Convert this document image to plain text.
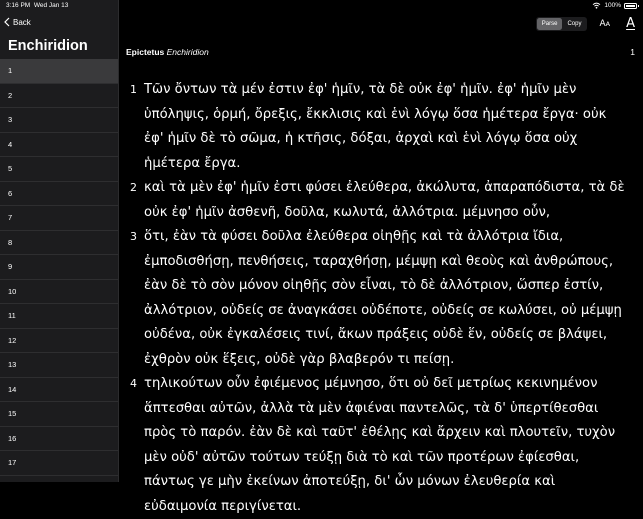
Back
Enchiridion
1
2
3
4
5
6
7
8
9
10
11
12
13
14
15
16
17
3:16 PM Wed Jan 13	100%
Parse	Copy	AA A
Epictetus Enchiridion	1
1 Τῶν ὄντων τὰ μέν ἐστιν ἐφ' ἡμῖν, τὰ δὲ οὐκ ἐφ' ἡμῖν. ἐφ' ἡμῖν μὲν ὑπόληψις, ὁρμή, ὄρεξις, ἔκκλισις καὶ ἑνὶ λόγῳ ὅσα ἡμέτερα ἔργα· οὐκ ἐφ' ἡμῖν δὲ τὸ σῶμα, ἡ κτῆσις, δόξαι, ἀρχαὶ καὶ ἑνὶ λόγῳ ὅσα οὐχ ἡμέτερα ἔργα.
2 καὶ τὰ μὲν ἐφ' ἡμῖν ἐστι φύσει ἐλεύθερα, ἀκώλυτα, ἀπαραπόδιστα, τὰ δὲ οὐκ ἐφ' ἡμῖν ἀσθενῆ, δοῦλα, κωλυτά, ἀλλότρια. μέμνησο οὖν,
3 ὅτι, ἐὰν τὰ φύσει δοῦλα ἐλεύθερα οἰηθῇς καὶ τὰ ἀλλότρια ἴδια, ἐμποδισθήσῃ, πενθήσεις, ταραχθήσῃ, μέμψῃ καὶ θεοὺς καὶ ἀνθρώπους, ἐὰν δὲ τὸ σὸν μόνον οἰηθῇς σὸν εἶναι, τὸ δὲ ἀλλότριον, ὥσπερ ἐστίν, ἀλλότριον, οὐδείς σε ἀναγκάσει οὐδέποτε, οὐδείς σε κωλύσει, οὐ μέμψῃ οὐδένα, οὐκ ἐγκαλέσεις τινί, ἄκων πράξεις οὐδὲ ἕν, οὐδείς σε βλάψει, ἐχθρὸν οὐκ ἕξεις, οὐδὲ γὰρ βλαβερόν τι πείσῃ.
4 τηλικούτων οὖν ἐφιέμενος μέμνησο, ὅτι οὐ δεῖ μετρίως κεκινημένον ἅπτεσθαι αὐτῶν, ἀλλὰ τὰ μὲν ἀφιέναι παντελῶς, τὰ δ' ὑπερτίθεσθαι πρὸς τὸ παρόν. ἐὰν δὲ καὶ ταῦτ' ἐθέλῃς καὶ ἄρχειν καὶ πλουτεῖν, τυχὸν μὲν οὐδ' αὐτῶν τούτων τεύξῃ διὰ τὸ καὶ τῶν προτέρων ἐφίεσθαι, πάντως γε μὴν ἐκείνων ἀποτεύξῃ, δι' ὧν μόνων ἐλευθερία καὶ εὐδαιμονία περιγίνεται.
